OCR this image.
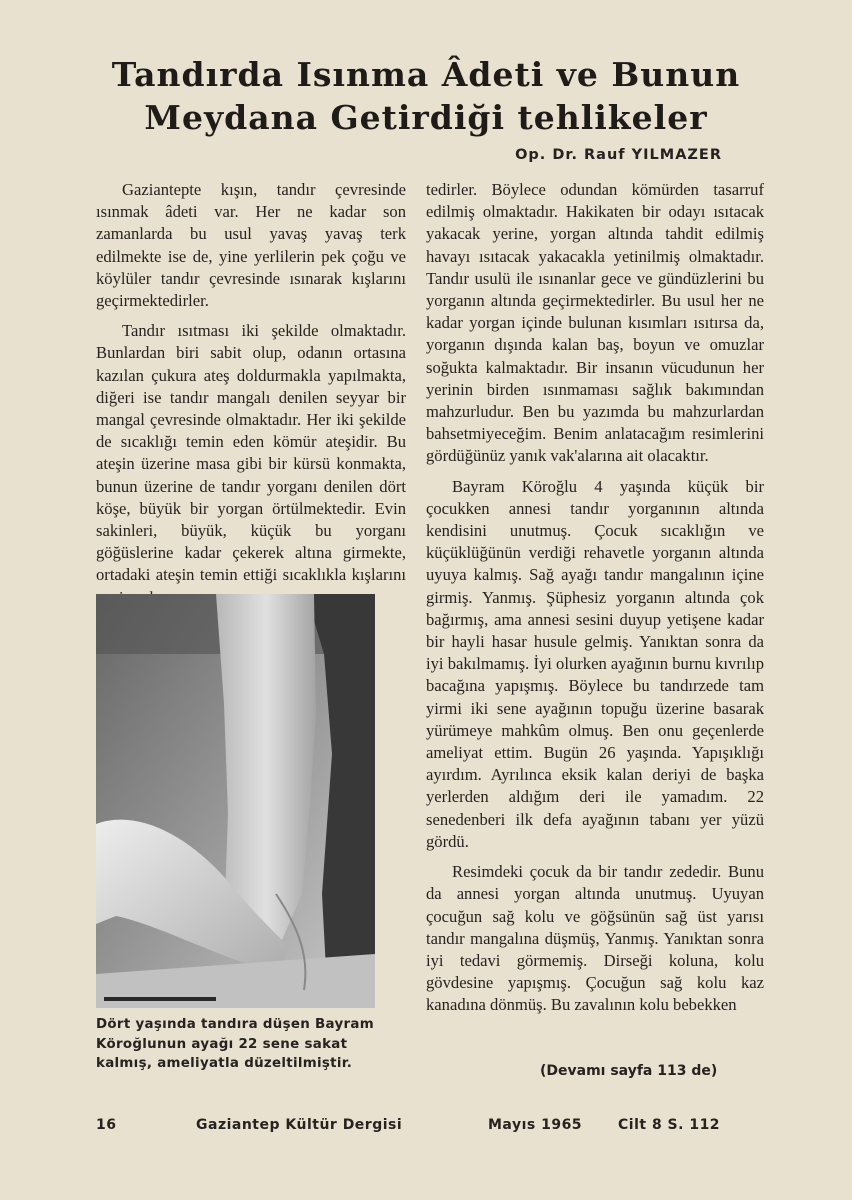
Tandırda Isınma Âdeti ve Bunun
Meydana Getirdiği tehlikeler
Op. Dr. Rauf YILMAZER

Gaziantepte kışın, tandır çevresinde ısınmak âdeti var. Her ne kadar son zamanlarda bu usul yavaş yavaş terk edilmekte ise de, yine yerlilerin pek çoğu ve köylüler tandır çevresinde ısınarak kışlarını geçirmektedirler.

Tandır ısıtması iki şekilde olmaktadır. Bunlardan biri sabit olup, odanın ortasına kazılan çukura ateş doldurmakla yapılmakta, diğeri ise tandır mangalı denilen seyyar bir mangal çevresinde olmaktadır. Her iki şekilde de sıcaklığı temin eden kömür ateşidir. Bu ateşin üzerine masa gibi bir kürsü konmakta, bunun üzerine de tandır yorganı denilen dört köşe, büyük bir yorgan örtülmektedir. Evin sakinleri, büyük, küçük bu yorganı göğüslerine kadar çekerek altına girmekte, ortadaki ateşin temin ettiği sıcaklıkla kışlarını

Dört yaşında tandıra düşen Bayram Köroğlunun ayağı 22 sene sakat kalmış, ameliyatla düzeltilmiştir.

tedirler. Böylece odundan kömürden tasarruf edilmiş olmaktadır. Hakikaten bir odayı ısıtacak yakacak yerine, yorgan altında tahdit edilmiş havayı ısıtacak yakacakla yetinilmiş olmaktadır. Tandır usulü ile ısınanlar gece ve gündüzlerini bu yorganın altında geçirmektedirler. Bu usul her ne kadar yorgan içinde bulunan kısımları ısıtırsa da, yorganın dışında kalan baş, boyun ve omuzlar soğukta kalmaktadır. Bir insanın vücudunun her yerinin birden ısınmaması sağlık bakımından mahzurludur. Ben bu yazımda bu mahzurlardan bahsetmiyeceğim. Benim anlatacağım resimlerini gördüğünüz yanık vak'alarına ait olacaktır.

Bayram Köroğlu 4 yaşında küçük bir çocukken annesi tandır yorganının altında kendisini unutmuş. Çocuk sıcaklığın ve küçüklüğünün verdiği rehavetle yorganın altında uyuya kalmış. Sağ ayağı tandır mangalının içine girmiş. Yanmış. Şüphesiz yorganın altında çok bağırmış, ama annesi sesini duyup yetişene kadar bir hayli hasar husule gelmiş. Yanıktan sonra da iyi bakılmamış. İyi olurken ayağının burnu kıvrılıp bacağına yapışmış. Böylece bu tandırzede tam yirmi iki sene ayağının topuğu üzerine basarak yürümeye mahkûm olmuş. Ben onu geçenlerde ameliyat ettim. Bugün 26 yaşında. Yapışıklığı ayırdım. Ayrılınca eksik kalan deriyi de başka yerlerden aldığım deri ile yamadım. 22 senedenberi ilk defa ayağının tabanı yer yüzü gördü.

Resimdeki çocuk da bir tandır zededir. Bunu da annesi yorgan altında unutmuş. Uyuyan çocuğun sağ kolu ve göğsünün sağ üst yarısı tandır mangalına düşmüş, Yanmış. Yanıktan sonra iyi tedavi görmemiş. Dirseği koluna, kolu gövdesine yapışmış. Çocuğun sağ kolu kaz kanadına dönmüş. Bu zavalının kolu bebekken

(Devamı sayfa 113 de)
16	Gaziantep Kültür Dergisi	Mayıs 1965	Cilt 8 S. 112
